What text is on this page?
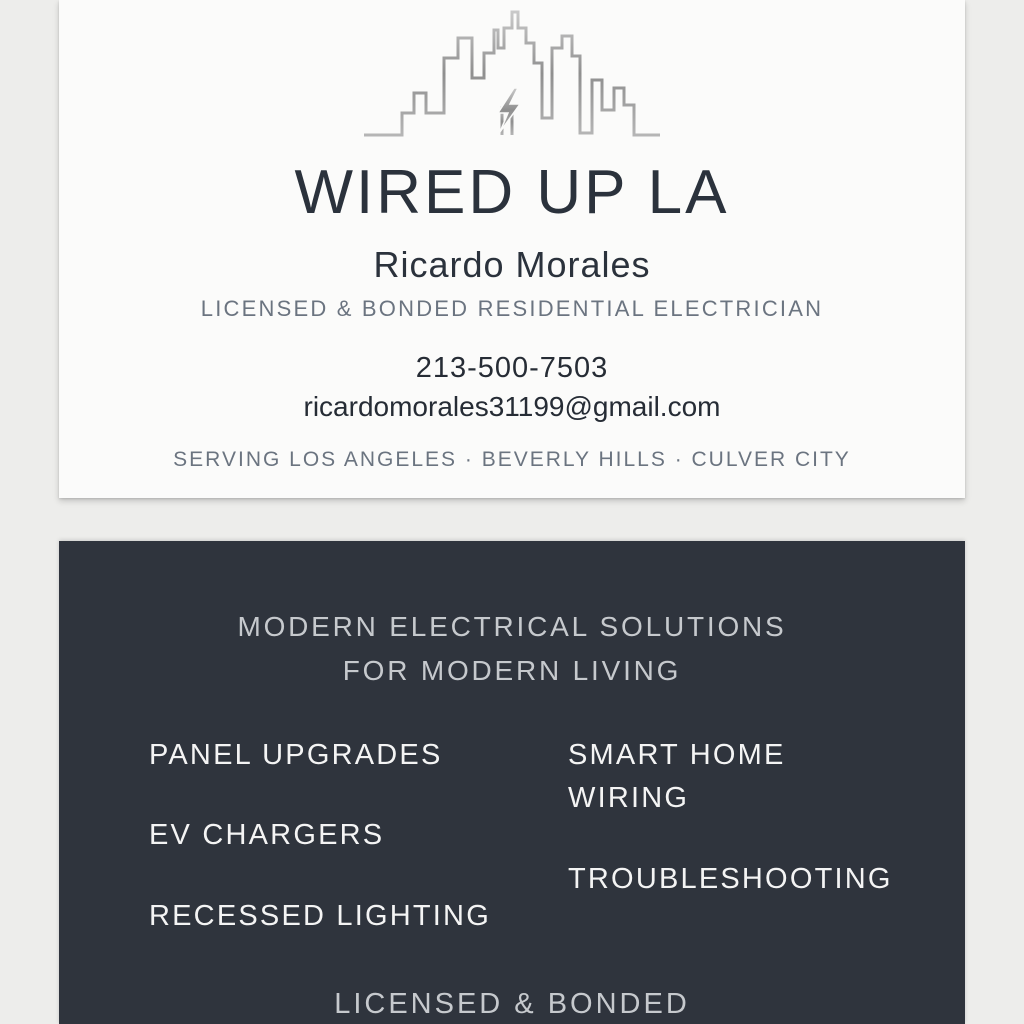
WIRED UP LA
Ricardo Morales
LICENSED & BONDED RESIDENTIAL ELECTRICIAN
213-500-7503
ricardomorales31199@gmail.com
SERVING LOS ANGELES · BEVERLY HILLS · CULVER CITY
MODERN ELECTRICAL SOLUTIONS
FOR MODERN LIVING
PANEL UPGRADES
EV CHARGERS
RECESSED LIGHTING
SMART HOME
WIRING
TROUBLESHOOTING
LICENSED & BONDED
